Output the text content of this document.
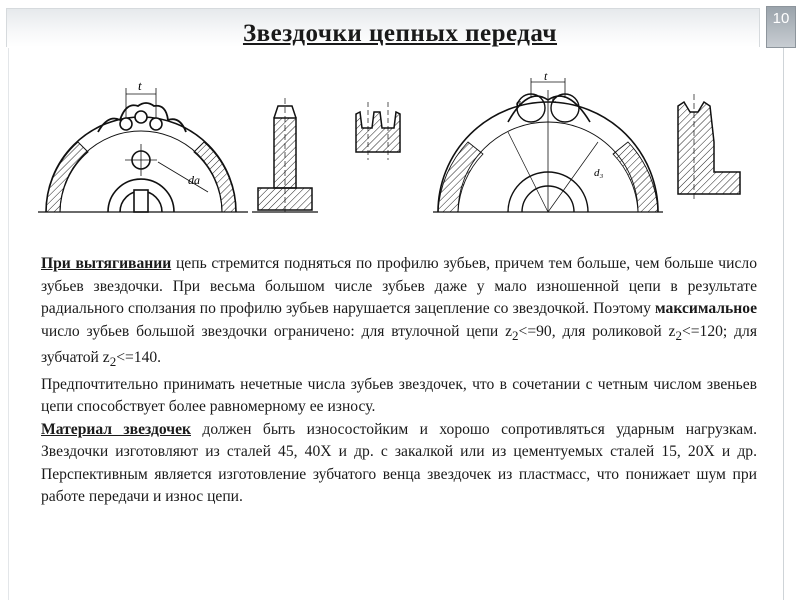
10
Звездочки цепных передач
t
da
t
a	c
d₃

При вытягивании цепь стремится подняться по профилю зубьев, причем тем больше, чем больше число зубьев звездочки. При весьма большом числе зубьев даже у мало изношенной цепи в результате радиального сползания по профилю зубьев нарушается зацепление со звездочкой. Поэтому максимальное число зубьев большой звездочки ограничено: для втулочной цепи $z_2<=90$, для роликовой $z_2<=120$; для зубчатой $z_2<=140$.

Предпочтительно принимать нечетные числа зубьев звездочек, что в сочетании с четным числом звеньев цепи способствует более равномерному ее износу.

Материал звездочек должен быть износостойким и хорошо сопротивляться ударным нагрузкам. Звездочки изготовляют из сталей 45, 40Х и др. с закалкой или из цементуемых сталей 15, 20Х и др. Перспективным является изготовление зубчатого венца звездочек из пластмасс, что понижает шум при работе передачи и износ цепи.
